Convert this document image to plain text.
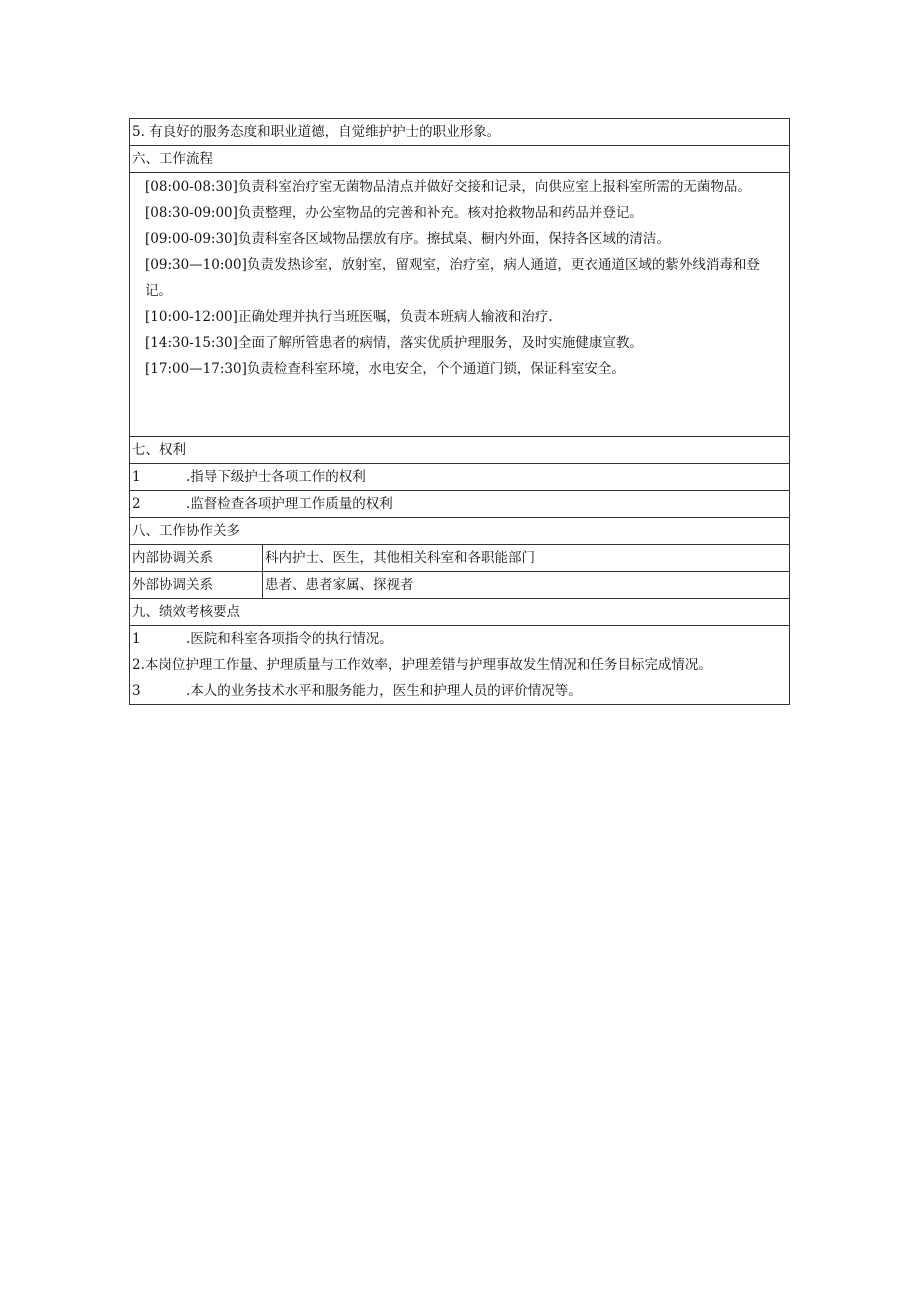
5. 有良好的服务态度和职业道德，自觉维护护士的职业形象。
六、工作流程

[08:00-08:30]负责科室治疗室无菌物品清点并做好交接和记录，向供应室上报科室所需的无菌物品。

[08:30-09:00]负责整理，办公室物品的完善和补充。核对抢救物品和药品并登记。

[09:00-09:30]负责科室各区域物品摆放有序。擦拭桌、橱内外面，保持各区域的清洁。

[09:30—10:00]负责发热诊室，放射室，留观室，治疗室，病人通道，更衣通道区域的紫外线消毒和登记。

[10:00-12:00]正确处理并执行当班医嘱，负责本班病人输液和治疗.

[14:30-15:30]全面了解所管患者的病情，落实优质护理服务，及时实施健康宣教。

[17:00—17:30]负责检查科室环境，水电安全，个个通道门锁，保证科室安全。

七、权利
1	.指导下级护士各项工作的权利
2	.监督检查各项护理工作质量的权利
八、工作协作关多
内部协调关系	科内护士、医生，其他相关科室和各职能部门
外部协调关系	患者、患者家属、探视者
九、绩效考核要点
1	.医院和科室各项指令的执行情况。
2.本岗位护理工作量、护理质量与工作效率，护理差错与护理事故发生情况和任务目标完成情况。
3	.本人的业务技术水平和服务能力，医生和护理人员的评价情况等。
